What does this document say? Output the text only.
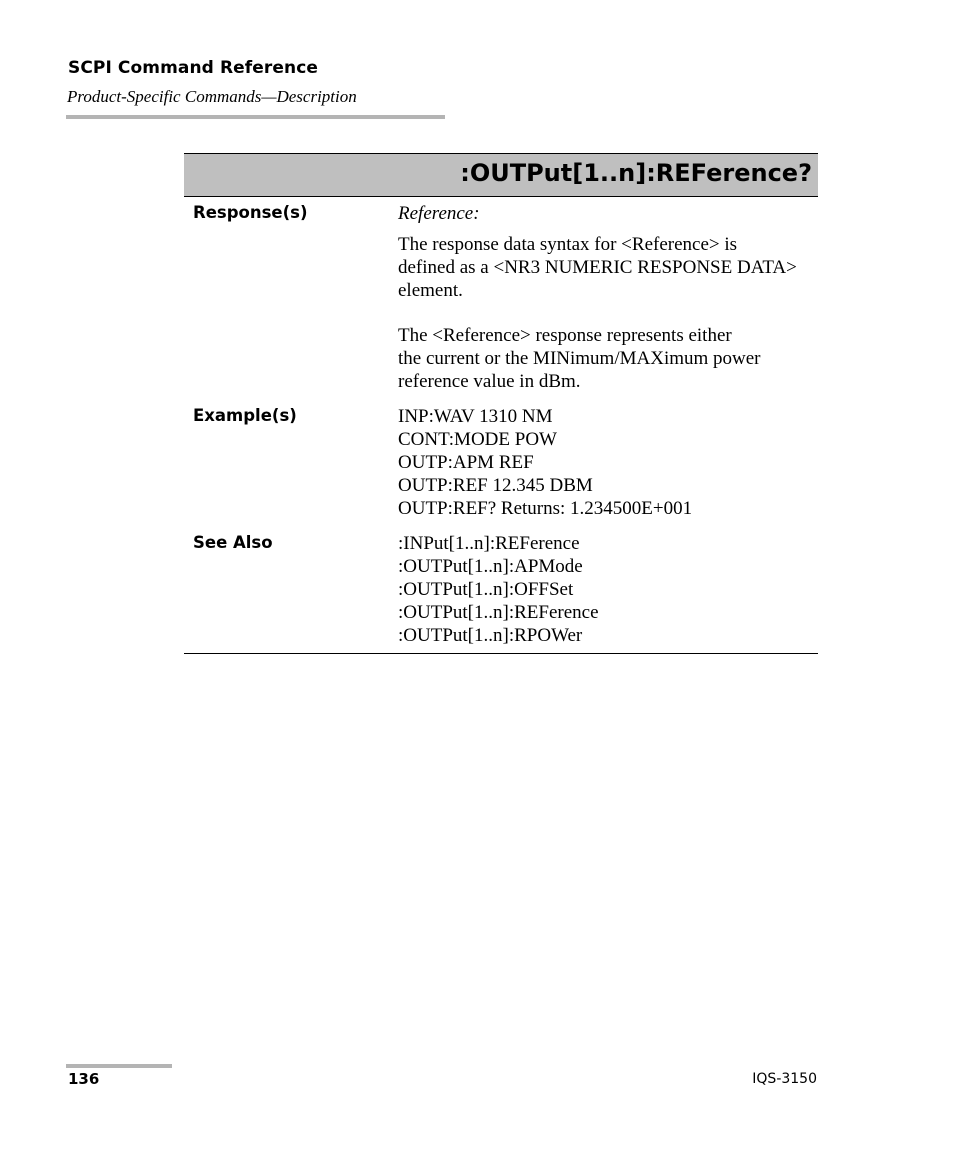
SCPI Command Reference
Product-Specific Commands—Description
:OUTPut[1..n]:REFerence?
Response(s)	Reference:
The response data syntax for <Reference> is
defined as a <NR3 NUMERIC RESPONSE DATA>
element.
The <Reference> response represents either
the current or the MINimum/MAXimum power
reference value in dBm.
Example(s)	INP:WAV 1310 NM
CONT:MODE POW
OUTP:APM REF
OUTP:REF 12.345 DBM
OUTP:REF? Returns: 1.234500E+001
See Also	:INPut[1..n]:REFerence
:OUTPut[1..n]:APMode
:OUTPut[1..n]:OFFSet
:OUTPut[1..n]:REFerence
:OUTPut[1..n]:RPOWer
136	IQS-3150
